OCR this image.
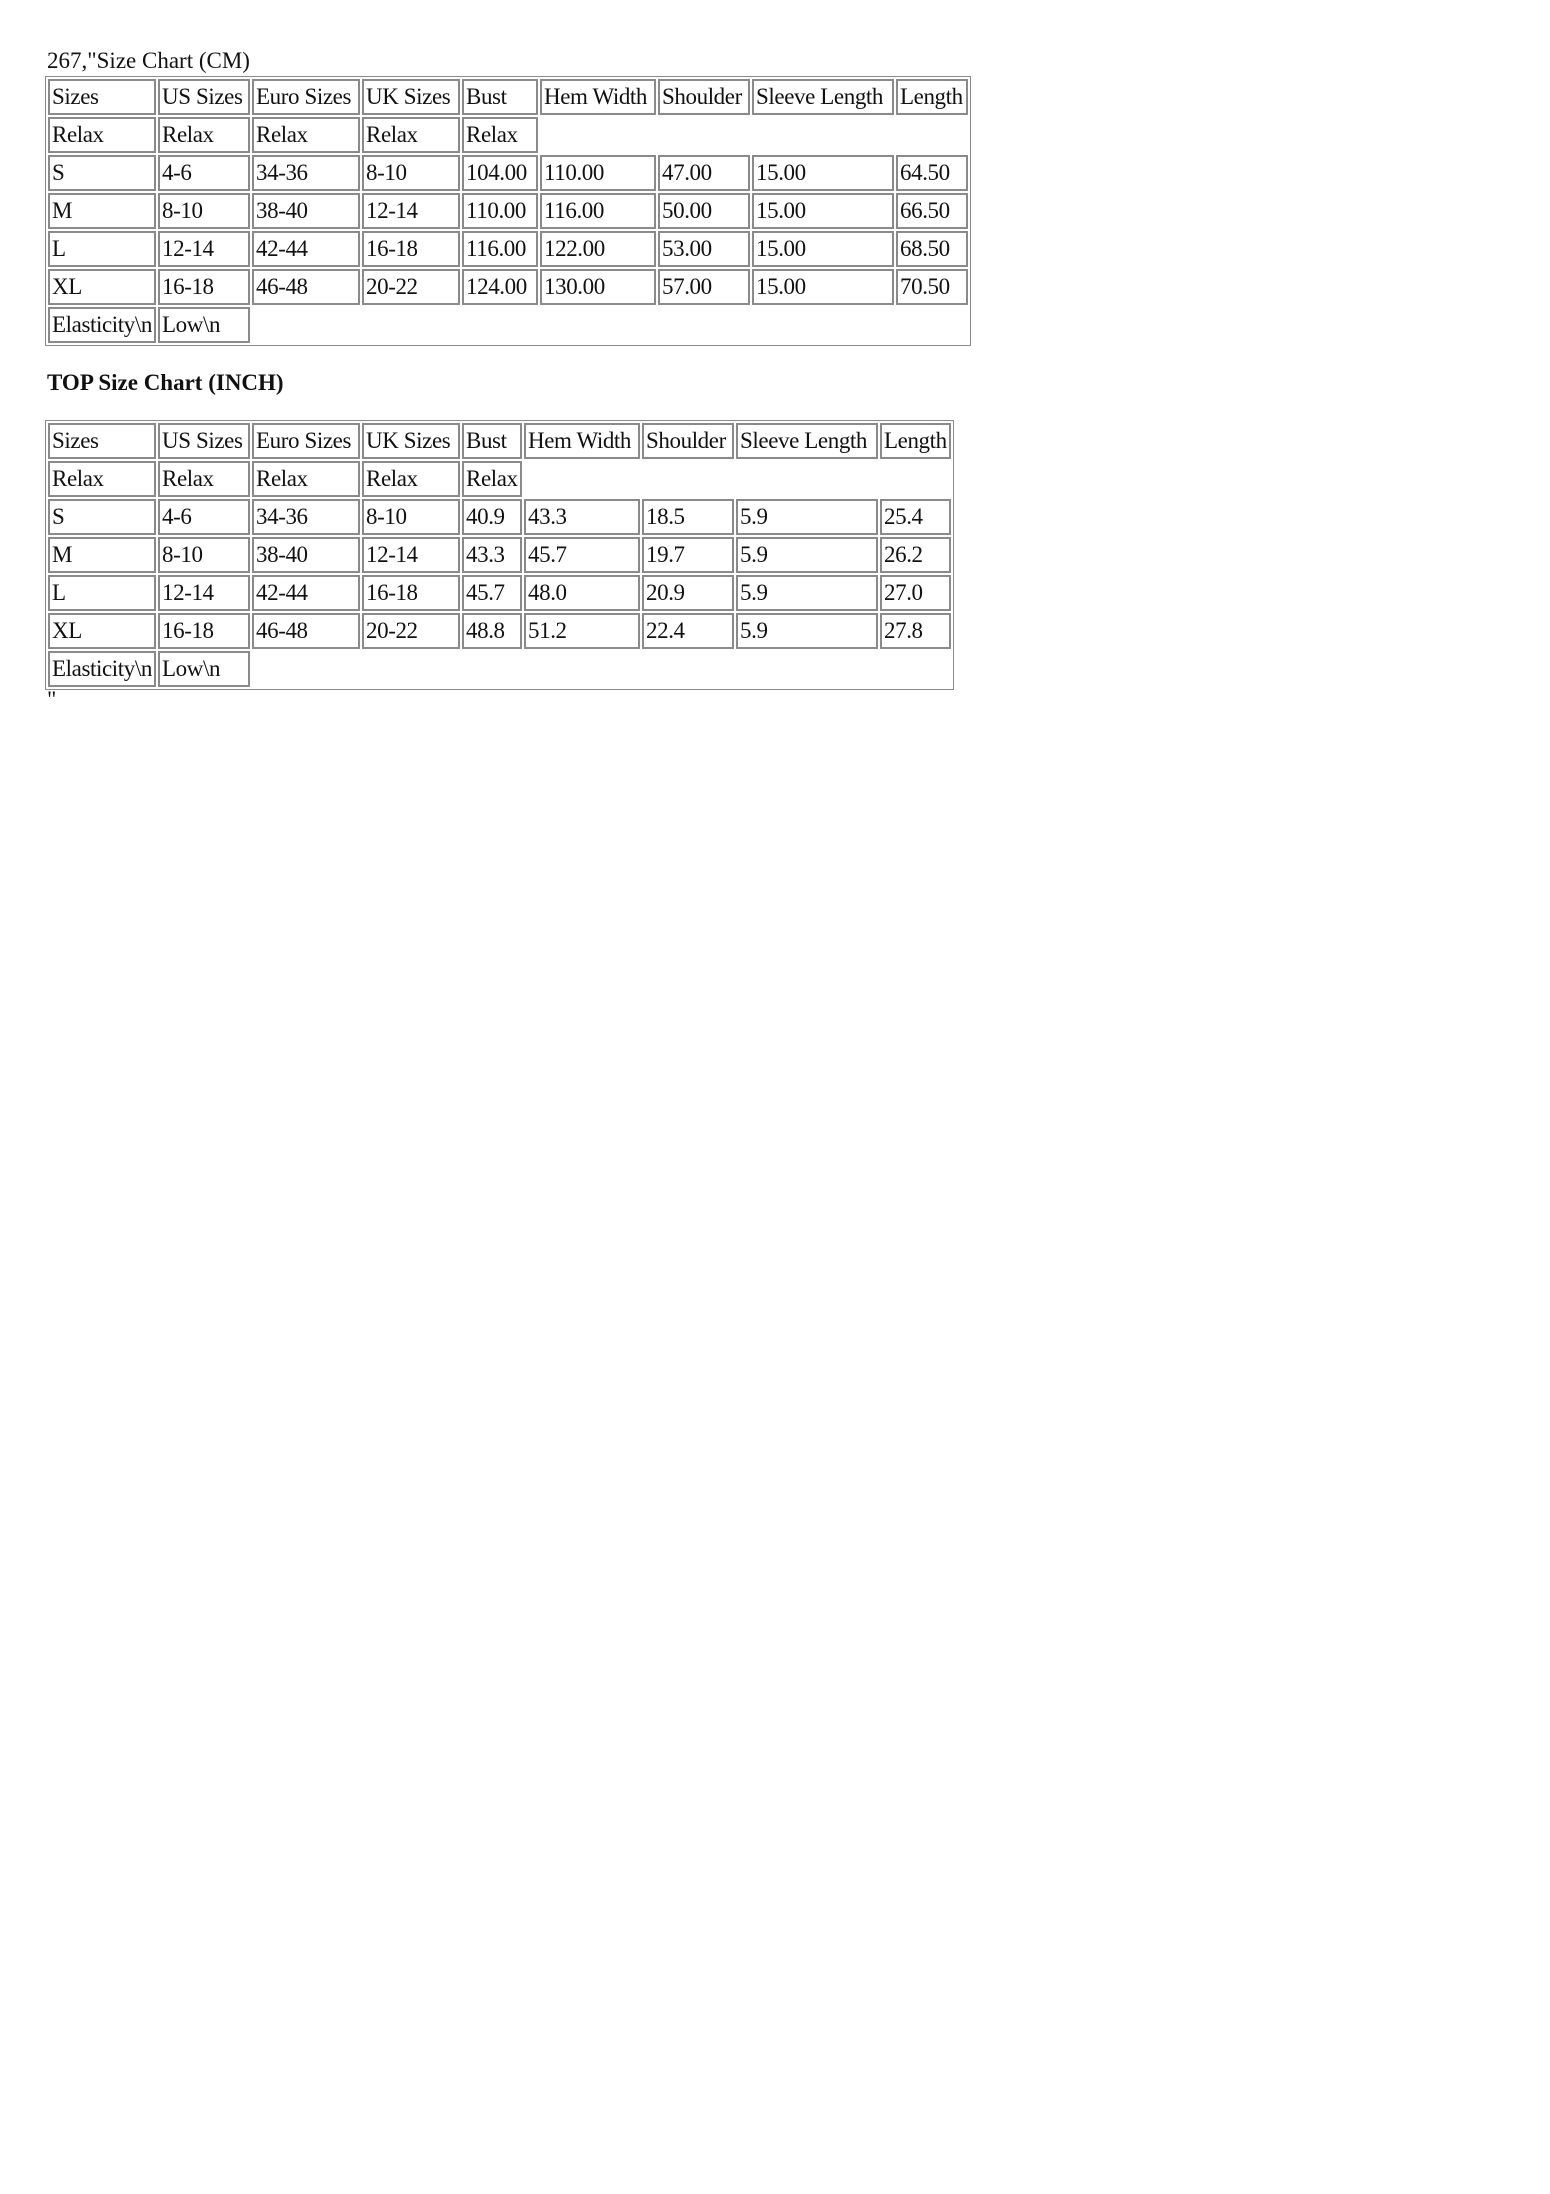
267,"Size Chart (CM)

Sizes	US Sizes	Euro Sizes	UK Sizes	Bust	Hem Width	Shoulder	Sleeve Length	Length
Relax	Relax	Relax	Relax	Relax				
S	4-6	34-36	8-10	104.00	110.00	47.00	15.00	64.50
M	8-10	38-40	12-14	110.00	116.00	50.00	15.00	66.50
L	12-14	42-44	16-18	116.00	122.00	53.00	15.00	68.50
XL	16-18	46-48	20-22	124.00	130.00	57.00	15.00	70.50
Elasticity\n	Low\n							

TOP Size Chart (INCH)

Sizes	US Sizes	Euro Sizes	UK Sizes	Bust	Hem Width	Shoulder	Sleeve Length	Length
Relax	Relax	Relax	Relax	Relax				
S	4-6	34-36	8-10	40.9	43.3	18.5	5.9	25.4
M	8-10	38-40	12-14	43.3	45.7	19.7	5.9	26.2
L	12-14	42-44	16-18	45.7	48.0	20.9	5.9	27.0
XL	16-18	46-48	20-22	48.8	51.2	22.4	5.9	27.8
Elasticity\n	Low\n							

"
